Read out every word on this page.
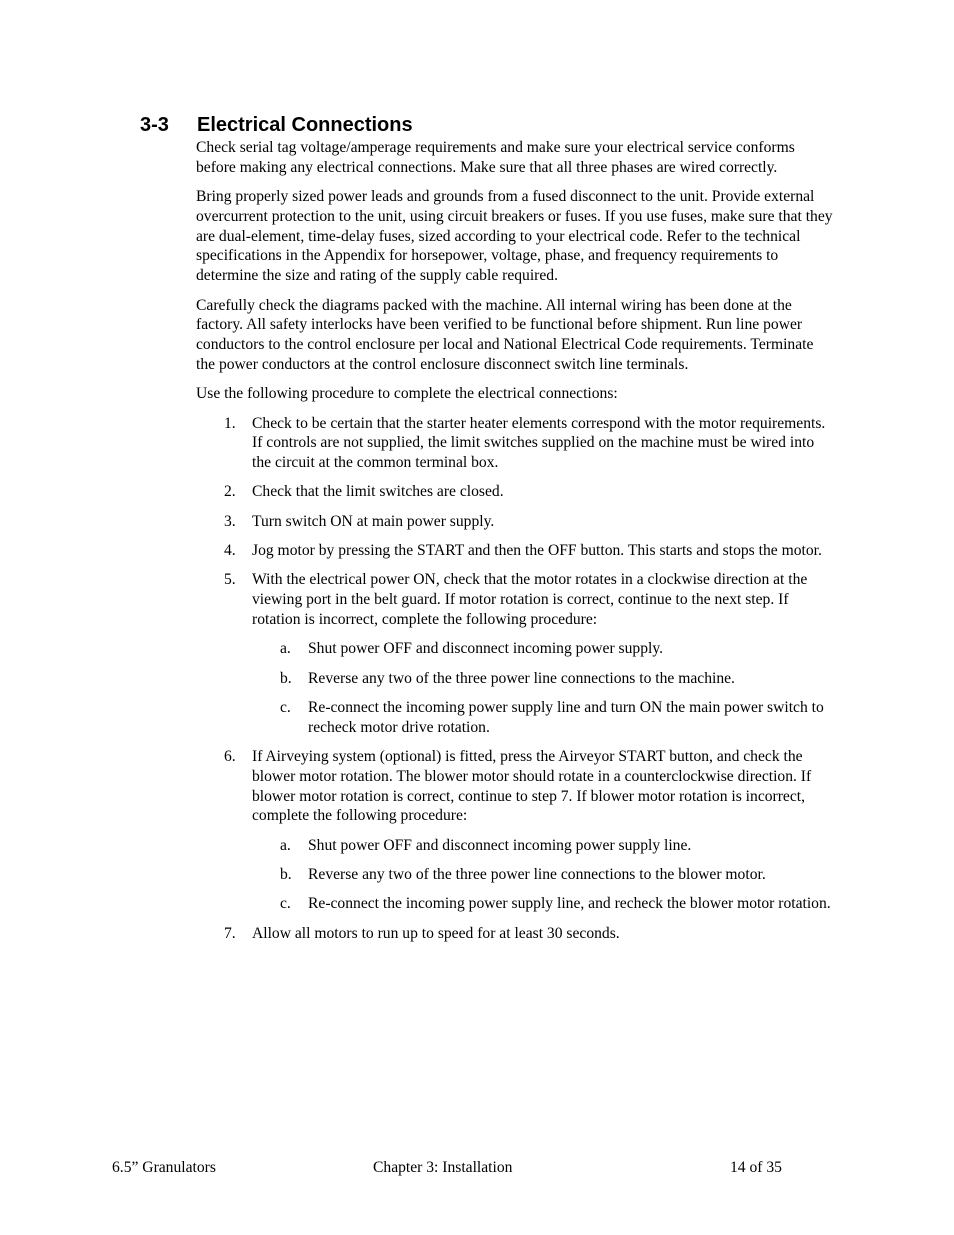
3-3 Electrical Connections

Check serial tag voltage/amperage requirements and make sure your electrical service conforms before making any electrical connections. Make sure that all three phases are wired correctly.

Bring properly sized power leads and grounds from a fused disconnect to the unit. Provide external overcurrent protection to the unit, using circuit breakers or fuses. If you use fuses, make sure that they are dual-element, time-delay fuses, sized according to your electrical code. Refer to the technical specifications in the Appendix for horsepower, voltage, phase, and frequency requirements to determine the size and rating of the supply cable required.

Carefully check the diagrams packed with the machine. All internal wiring has been done at the factory. All safety interlocks have been verified to be functional before shipment. Run line power conductors to the control enclosure per local and National Electrical Code requirements. Terminate the power conductors at the control enclosure disconnect switch line terminals.

Use the following procedure to complete the electrical connections:

1. Check to be certain that the starter heater elements correspond with the motor requirements. If controls are not supplied, the limit switches supplied on the machine must be wired into the circuit at the common terminal box.
2. Check that the limit switches are closed.
3. Turn switch ON at main power supply.
4. Jog motor by pressing the START and then the OFF button. This starts and stops the motor.
5. With the electrical power ON, check that the motor rotates in a clockwise direction at the viewing port in the belt guard. If motor rotation is correct, continue to the next step. If rotation is incorrect, complete the following procedure:
a. Shut power OFF and disconnect incoming power supply.
b. Reverse any two of the three power line connections to the machine.
c. Re-connect the incoming power supply line and turn ON the main power switch to recheck motor drive rotation.
6. If Airveying system (optional) is fitted, press the Airveyor START button, and check the blower motor rotation. The blower motor should rotate in a counterclockwise direction. If blower motor rotation is correct, continue to step 7. If blower motor rotation is incorrect, complete the following procedure:
a. Shut power OFF and disconnect incoming power supply line.
b. Reverse any two of the three power line connections to the blower motor.
c. Re-connect the incoming power supply line, and recheck the blower motor rotation.
7. Allow all motors to run up to speed for at least 30 seconds.
6.5” Granulators	Chapter 3: Installation	14 of 35
